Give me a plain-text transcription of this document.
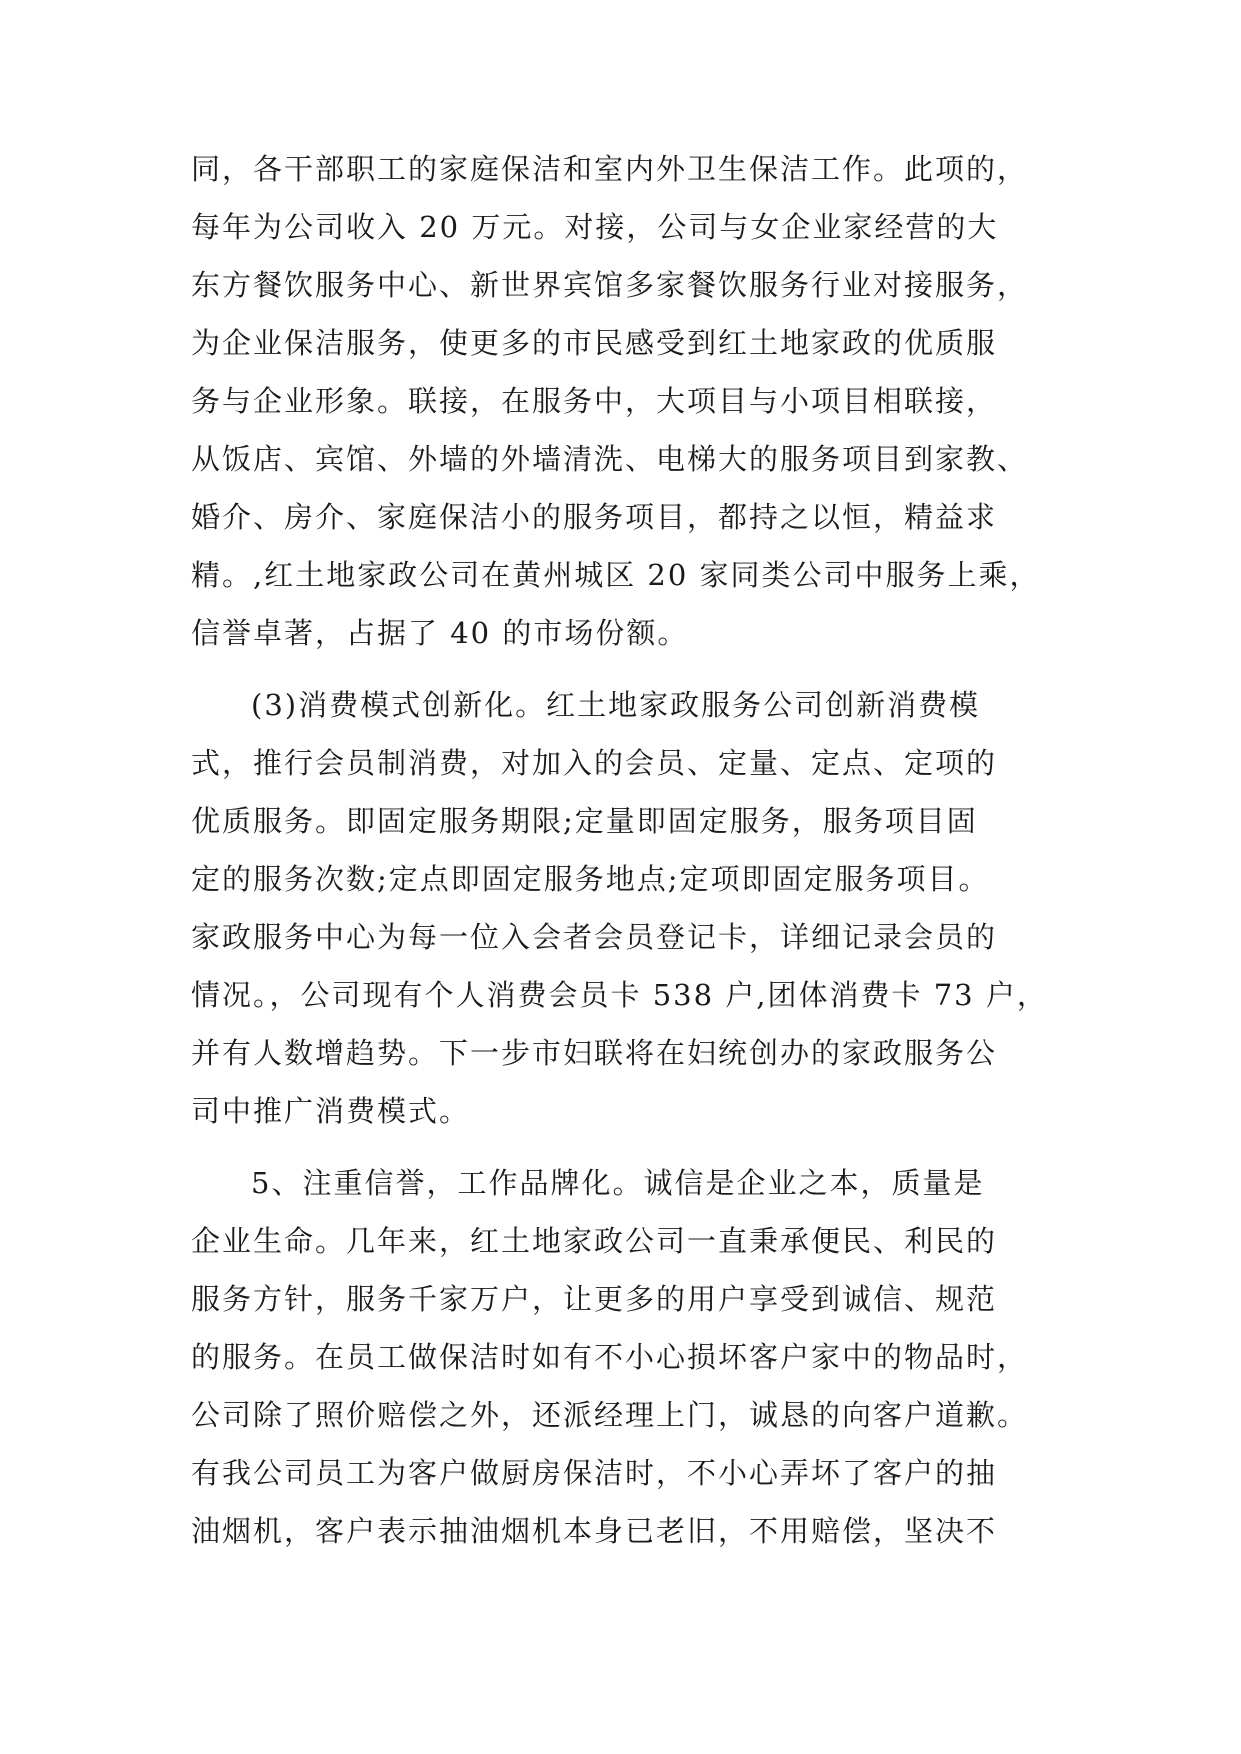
同，各干部职工的家庭保洁和室内外卫生保洁工作。此项的，
每年为公司收入 20 万元。对接，公司与女企业家经营的大
东方餐饮服务中心、新世界宾馆多家餐饮服务行业对接服务，
为企业保洁服务，使更多的市民感受到红土地家政的优质服
务与企业形象。联接，在服务中，大项目与小项目相联接，
从饭店、宾馆、外墙的外墙清洗、电梯大的服务项目到家教、
婚介、房介、家庭保洁小的服务项目，都持之以恒，精益求
精。,红土地家政公司在黄州城区 20 家同类公司中服务上乘，
信誉卓著，占据了 40 的市场份额。
(3)消费模式创新化。红土地家政服务公司创新消费模
式，推行会员制消费，对加入的会员、定量、定点、定项的
优质服务。即固定服务期限;定量即固定服务，服务项目固
定的服务次数;定点即固定服务地点;定项即固定服务项目。
家政服务中心为每一位入会者会员登记卡，详细记录会员的
情况。，公司现有个人消费会员卡 538 户,团体消费卡 73 户，
并有人数增趋势。下一步市妇联将在妇统创办的家政服务公
司中推广消费模式。
5、注重信誉，工作品牌化。诚信是企业之本，质量是
企业生命。几年来，红土地家政公司一直秉承便民、利民的
服务方针，服务千家万户，让更多的用户享受到诚信、规范
的服务。在员工做保洁时如有不小心损坏客户家中的物品时，
公司除了照价赔偿之外，还派经理上门，诚恳的向客户道歉。
有我公司员工为客户做厨房保洁时，不小心弄坏了客户的抽
油烟机，客户表示抽油烟机本身已老旧，不用赔偿，坚决不
